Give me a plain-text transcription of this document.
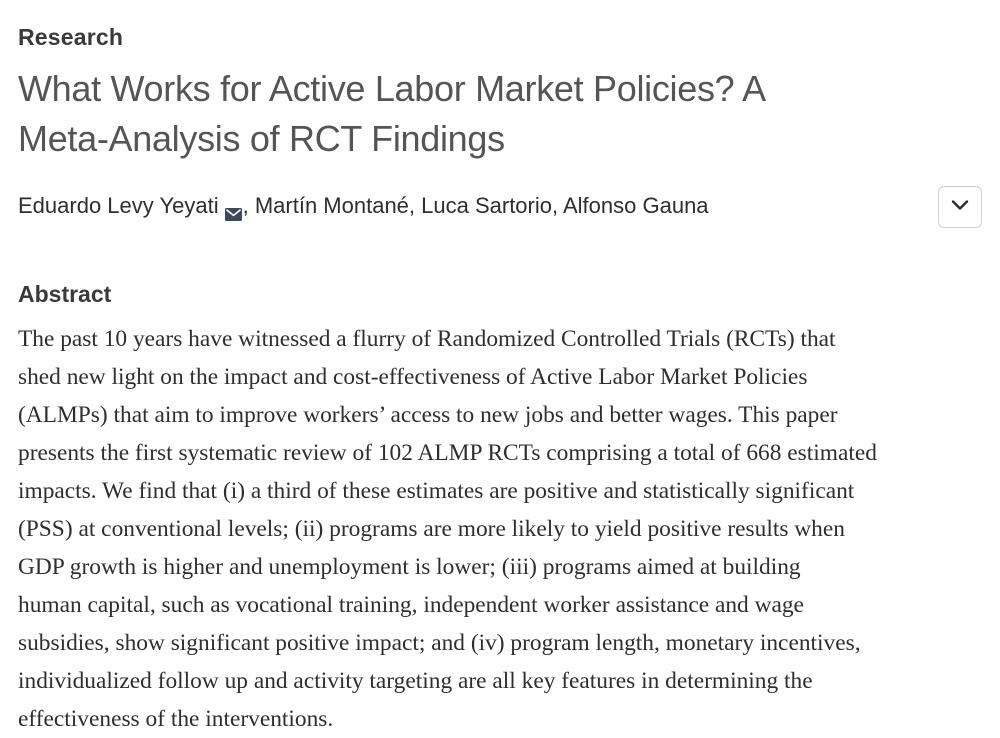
Research
What Works for Active Labor Market Policies? A Meta-Analysis of RCT Findings
Eduardo Levy Yeyati , Martín Montané, Luca Sartorio, Alfonso Gauna
Abstract

The past 10 years have witnessed a flurry of Randomized Controlled Trials (RCTs) that
shed new light on the impact and cost-effectiveness of Active Labor Market Policies
(ALMPs) that aim to improve workers’ access to new jobs and better wages. This paper
presents the first systematic review of 102 ALMP RCTs comprising a total of 668 estimated
impacts. We find that (i) a third of these estimates are positive and statistically significant
(PSS) at conventional levels; (ii) programs are more likely to yield positive results when
GDP growth is higher and unemployment is lower; (iii) programs aimed at building
human capital, such as vocational training, independent worker assistance and wage
subsidies, show significant positive impact; and (iv) program length, monetary incentives,
individualized follow up and activity targeting are all key features in determining the
effectiveness of the interventions.
